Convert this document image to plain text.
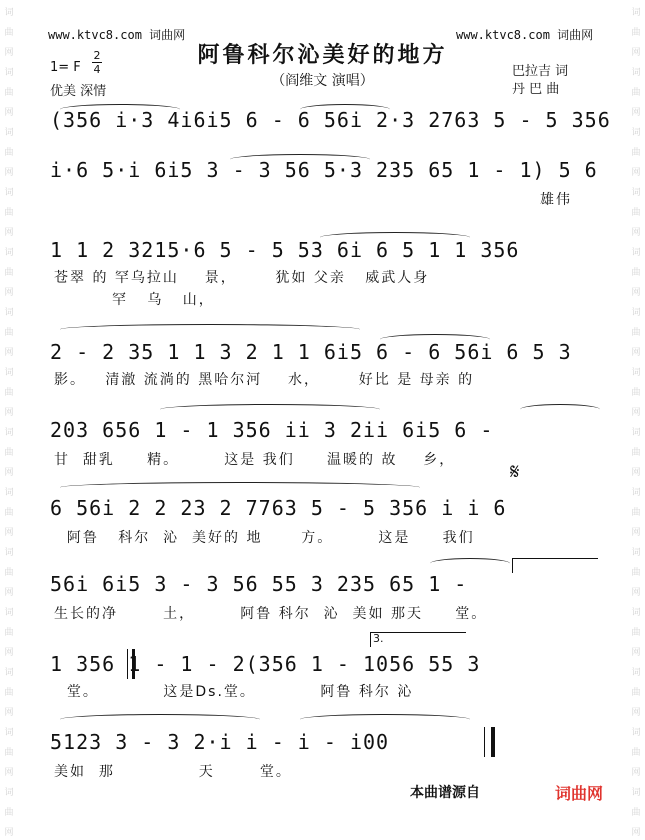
词
曲
网
词
曲
网
词
曲
网
词
曲
网
词
曲
网
词
曲
网
词
曲
网
词
曲
网
词
曲
网
词
曲
网
词
曲
网
词
曲
网
词
曲
网
词
曲
网
词
曲
网
词
曲
网
词
曲
网
词
曲
网
词
曲
网
词
曲
网
词
曲
网
词
曲
网
词
曲
网
词
曲
网
词
曲
网
词
曲
网
词
曲
网
词
曲
网
www.ktvc8.com 词曲网	www.ktvc8.com 词曲网
阿鲁科尔沁美好的地方
（阎维文 演唱）
1= F
2
4
优美 深情
巴拉吉 词
丹 巴 曲
(356 i·3 4i6i5 6 - 6 56i 2·3 2763 5 - 5 356
i·6 5·i 6i5 3 - 3 56 5·3 235 65 1 - 1) 5 6
雄伟
1 1 2 3215·6 5 - 5 53 6i 6 5 1 1 356
苍翠 的 罕乌拉山    景，      犹如 父亲   威武人身
罕   乌   山，
2 - 2 35 1 1 3 2 1 1 6i5 6 - 6 56i 6 5 3
影。   清澈 流淌的 黑哈尔河    水，      好比 是 母亲 的
203 656 1 - 1 356 ii 3 2ii 6i5 6 -
甘  甜乳     精。       这是 我们     温暖的 故    乡，
6 56i 2 2 23 2 7763 5 - 5 356 i i 6
阿鲁   科尔  沁  美好的 地      方。       这是     我们
56i 6i5 3 - 3 56 55 3 235 65 1 -
生长的净       土，       阿鲁 科尔  沁  美如 那天     堂。
1 356 1 - 1 - 2(356 1 - 1056 55 3
堂。          这是Ds.堂。          阿鲁 科尔 沁
5123 3 - 3 2·i i - i - i00
美如  那             天       堂。
𝄋
3.
本曲谱源自	词曲网
